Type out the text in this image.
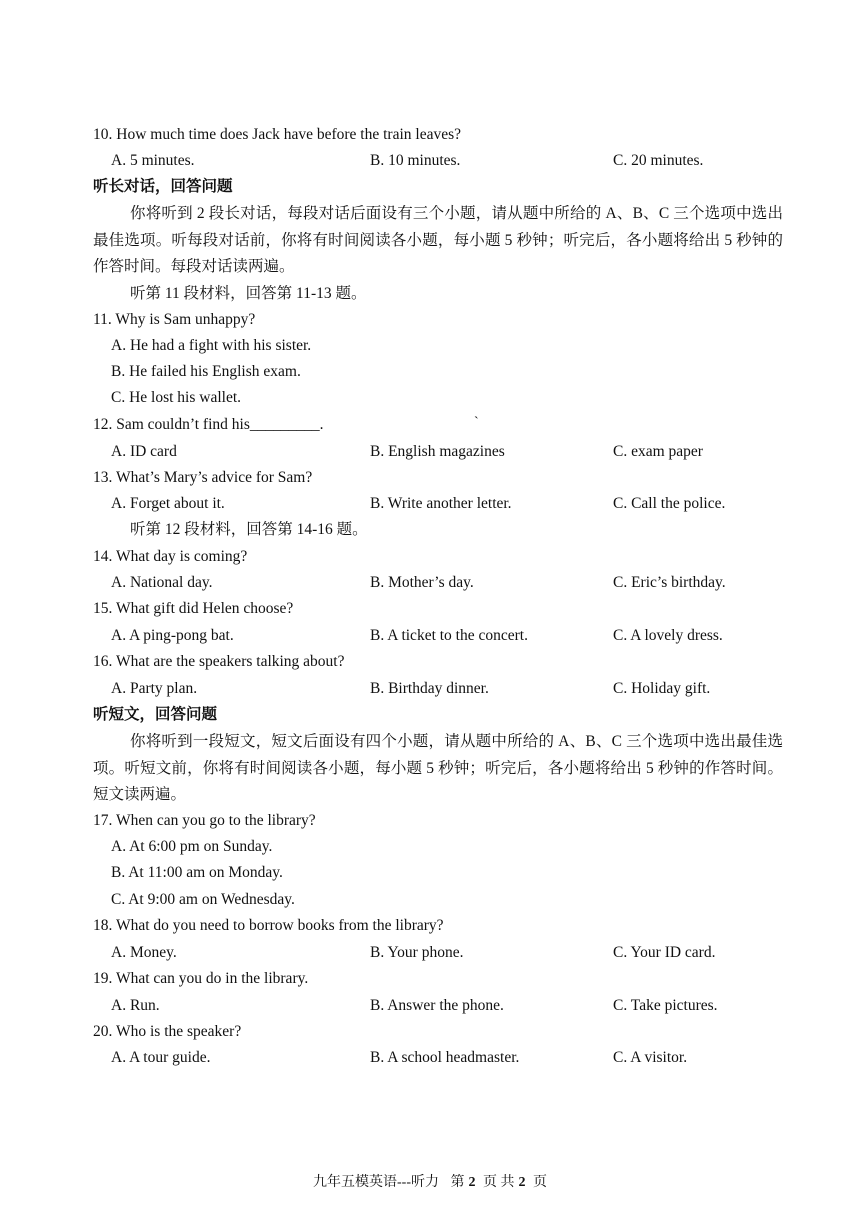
10. How much time does Jack have before the train leaves?
A. 5 minutes.	B. 10 minutes.	C. 20 minutes.
听长对话，回答问题
你将听到 2 段长对话，每段对话后面设有三个小题，请从题中所给的 A、B、C 三个选项中选出最佳选项。听每段对话前，你将有时间阅读各小题，每小题 5 秒钟；听完后，各小题将给出 5 秒钟的作答时间。每段对话读两遍。
听第 11 段材料，回答第 11-13 题。
11. Why is Sam unhappy?
A. He had a fight with his sister.
B. He failed his English exam.
C. He lost his wallet.
12. Sam couldn’t find his_________.	`
A. ID card	B. English magazines	C. exam paper
13. What’s Mary’s advice for Sam?
A. Forget about it.	B. Write another letter.	C. Call the police.
听第 12 段材料，回答第 14-16 题。
14. What day is coming?
A. National day.	B. Mother’s day.	C. Eric’s birthday.
15. What gift did Helen choose?
A. A ping-pong bat.	B. A ticket to the concert.	C. A lovely dress.
16. What are the speakers talking about?
A. Party plan.	B. Birthday dinner.	C. Holiday gift.
听短文，回答问题
你将听到一段短文，短文后面设有四个小题，请从题中所给的 A、B、C 三个选项中选出最佳选项。听短文前，你将有时间阅读各小题，每小题 5 秒钟；听完后，各小题将给出 5 秒钟的作答时间。短文读两遍。
17. When can you go to the library?
A. At 6:00 pm on Sunday.
B. At 11:00 am on Monday.
C. At 9:00 am on Wednesday.
18. What do you need to borrow books from the library?
A. Money.	B. Your phone.	C. Your ID card.
19. What can you do in the library.
A. Run.	B. Answer the phone.	C. Take pictures.
20. Who is the speaker?
A. A tour guide.	B. A school headmaster.	C. A visitor.
九年五模英语---听力 第 2 页 共 2 页
